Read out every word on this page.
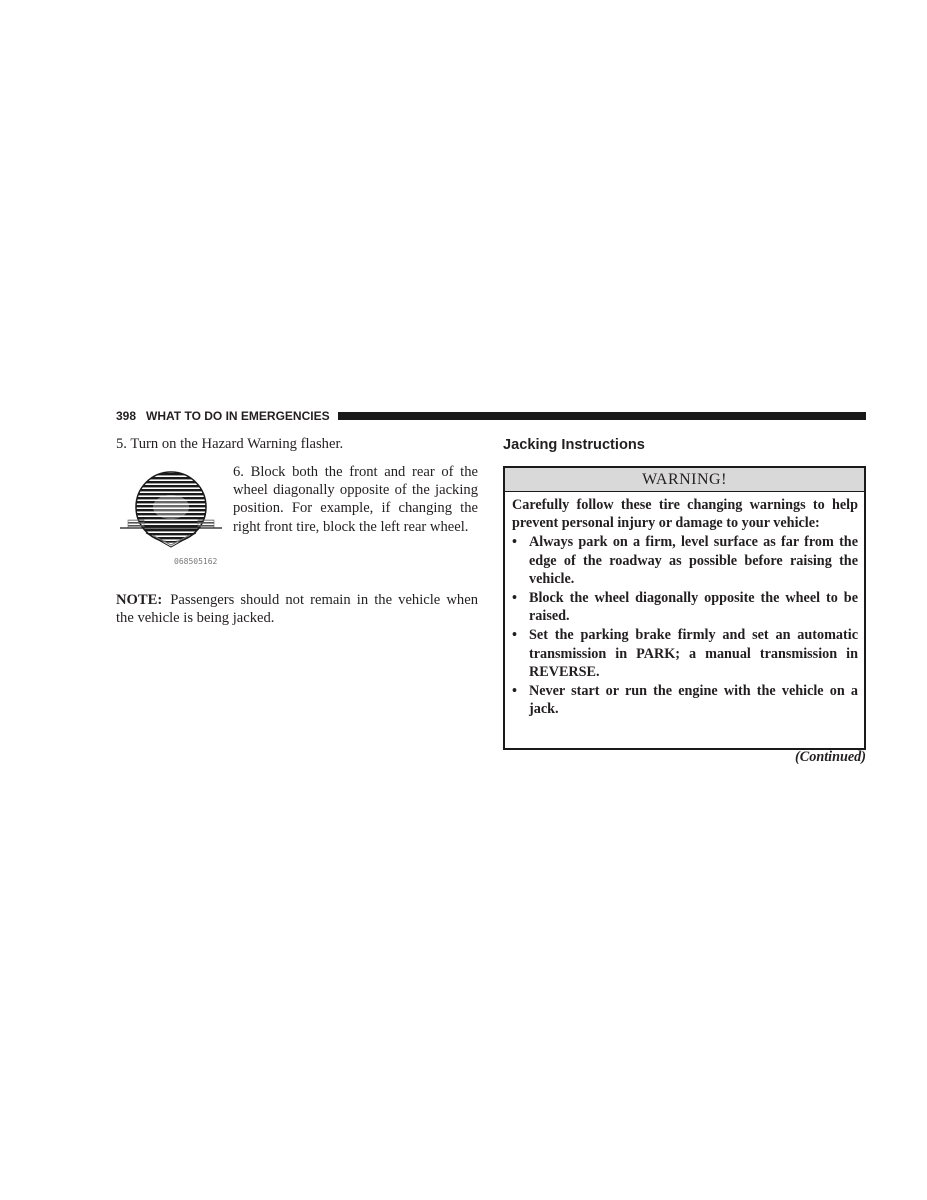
398 WHAT TO DO IN EMERGENCIES

5. Turn on the Hazard Warning flasher.

068505162

6. Block both the front and rear of the wheel diagonally opposite of the jacking position. For example, if changing the right front tire, block the left rear wheel.

NOTE: Passengers should not remain in the vehicle when the vehicle is being jacked.

Jacking Instructions
WARNING!

Carefully follow these tire changing warnings to help prevent personal injury or damage to your vehicle:

• Always park on a firm, level surface as far from the edge of the roadway as possible before raising the vehicle.
• Block the wheel diagonally opposite the wheel to be raised.
• Set the parking brake firmly and set an automatic transmission in PARK; a manual transmission in REVERSE.
• Never start or run the engine with the vehicle on a jack.

(Continued)
